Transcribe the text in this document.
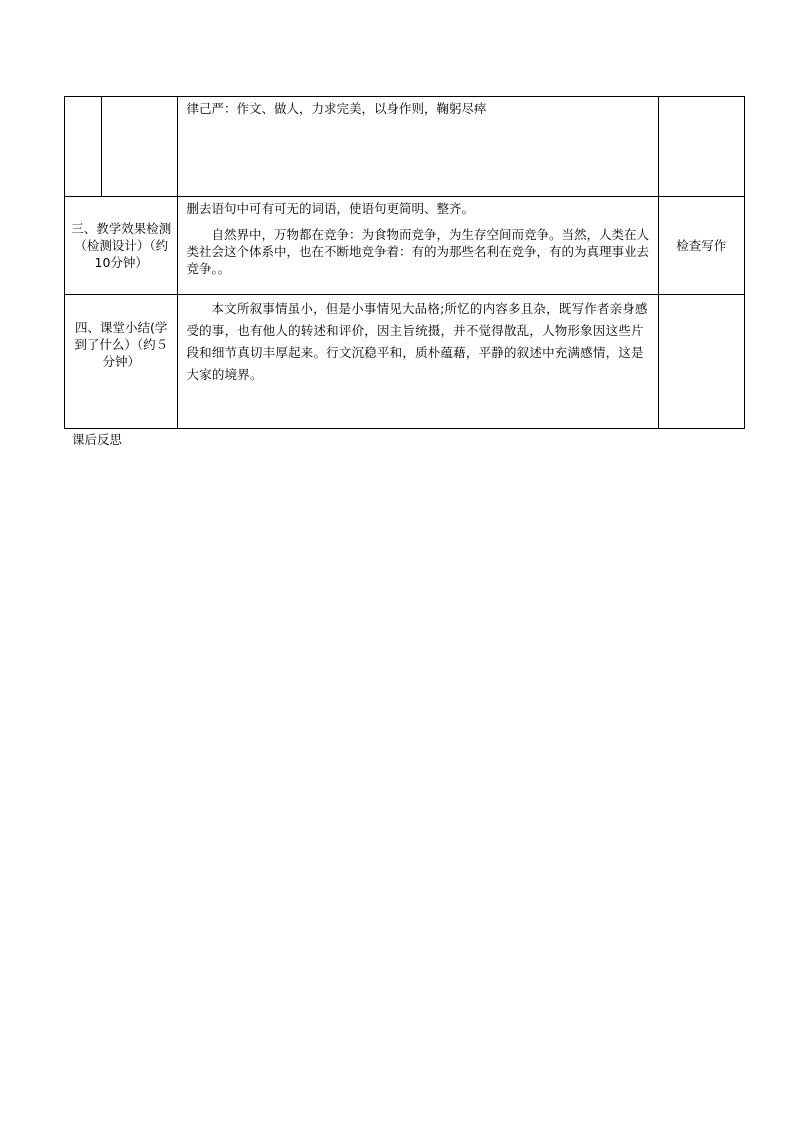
		律己严：作文、做人，力求完美，以身作则，鞠躬尽瘁	

三、教学效果检测（检测设计）（约10分钟）		删去语句中可有可无的词语，使语句更简明、整齐。

自然界中，万物都在竞争：为食物而竞争，为生存空间而竞争。当然，人类在人类社会这个体系中，也在不断地竞争着：有的为那些名利在竞争，有的为真理事业去竞争。。	检查写作
四、课堂小结(学到了什么）（约５分钟）		本文所叙事情虽小，但是小事情见大品格;所忆的内容多且杂，既写作者亲身感受的事，也有他人的转述和评价，因主旨统摄，并不觉得散乱，人物形象因这些片段和细节真切丰厚起来。行文沉稳平和，质朴蕴藉，平静的叙述中充满感情，这是大家的境界。	

课后反思
